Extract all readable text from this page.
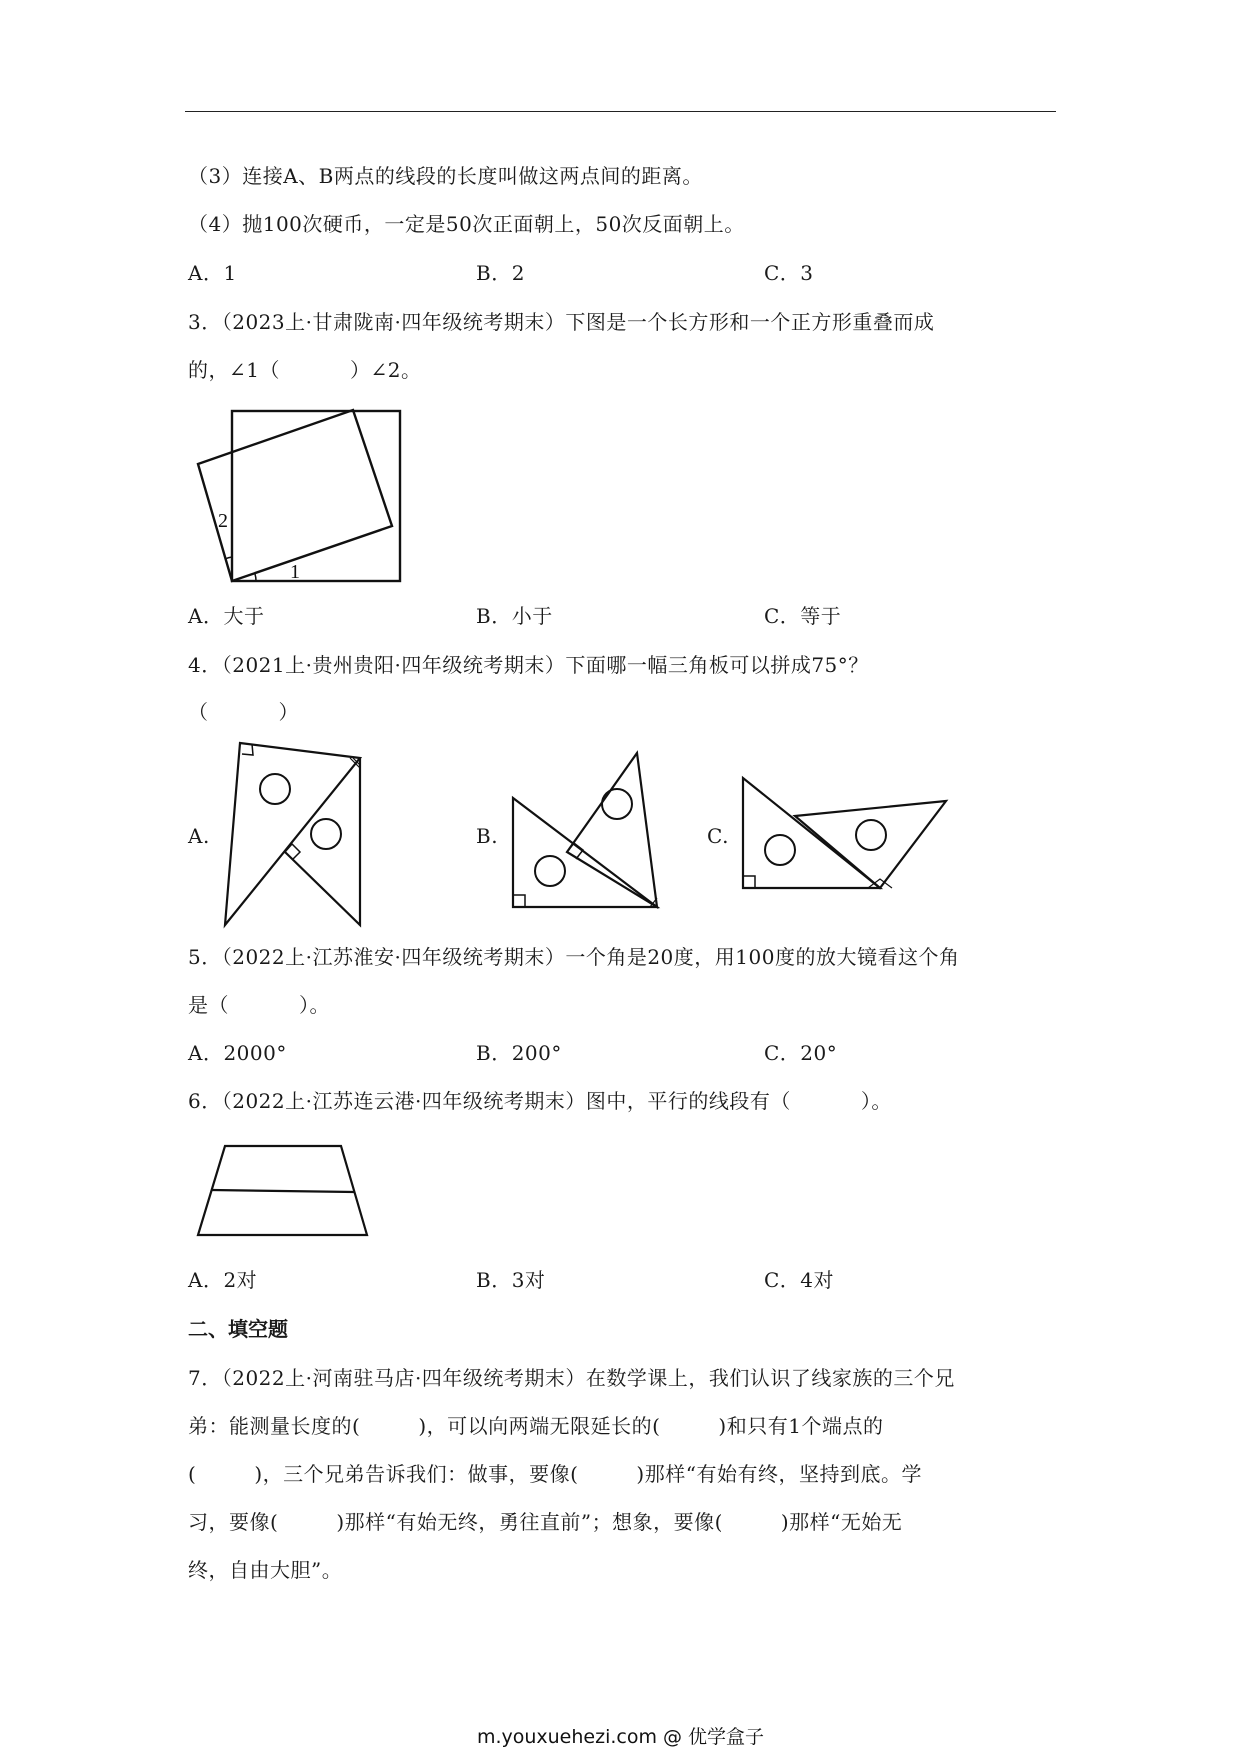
（3）连接A、B两点的线段的长度叫做这两点间的距离。
（4）抛100次硬币，一定是50次正面朝上，50次反面朝上。
A．1	B．2	C．3
3．（2023上·甘肃陇南·四年级统考期末）下图是一个长方形和一个正方形重叠而成
的，∠1（	）∠2。
2
1
A．大于	B．小于	C．等于
4．（2021上·贵州贵阳·四年级统考期末）下面哪一幅三角板可以拼成75°？
（	）
A.	B.	C.
5．（2022上·江苏淮安·四年级统考期末）一个角是20度，用100度的放大镜看这个角
是（	）。
A．2000°	B．200°	C．20°
6．（2022上·江苏连云港·四年级统考期末）图中，平行的线段有（	）。
A．2对	B．3对	C．4对
二、填空题
7．（2022上·河南驻马店·四年级统考期末）在数学课上，我们认识了线家族的三个兄
弟：能测量长度的(	)，可以向两端无限延长的(	)和只有1个端点的
(	)，三个兄弟告诉我们：做事，要像(	)那样“有始有终，坚持到底。学
习，要像(	)那样“有始无终，勇往直前”；想象，要像(	)那样“无始无
终，自由大胆”。
m.youxuehezi.com @ 优学盒子
